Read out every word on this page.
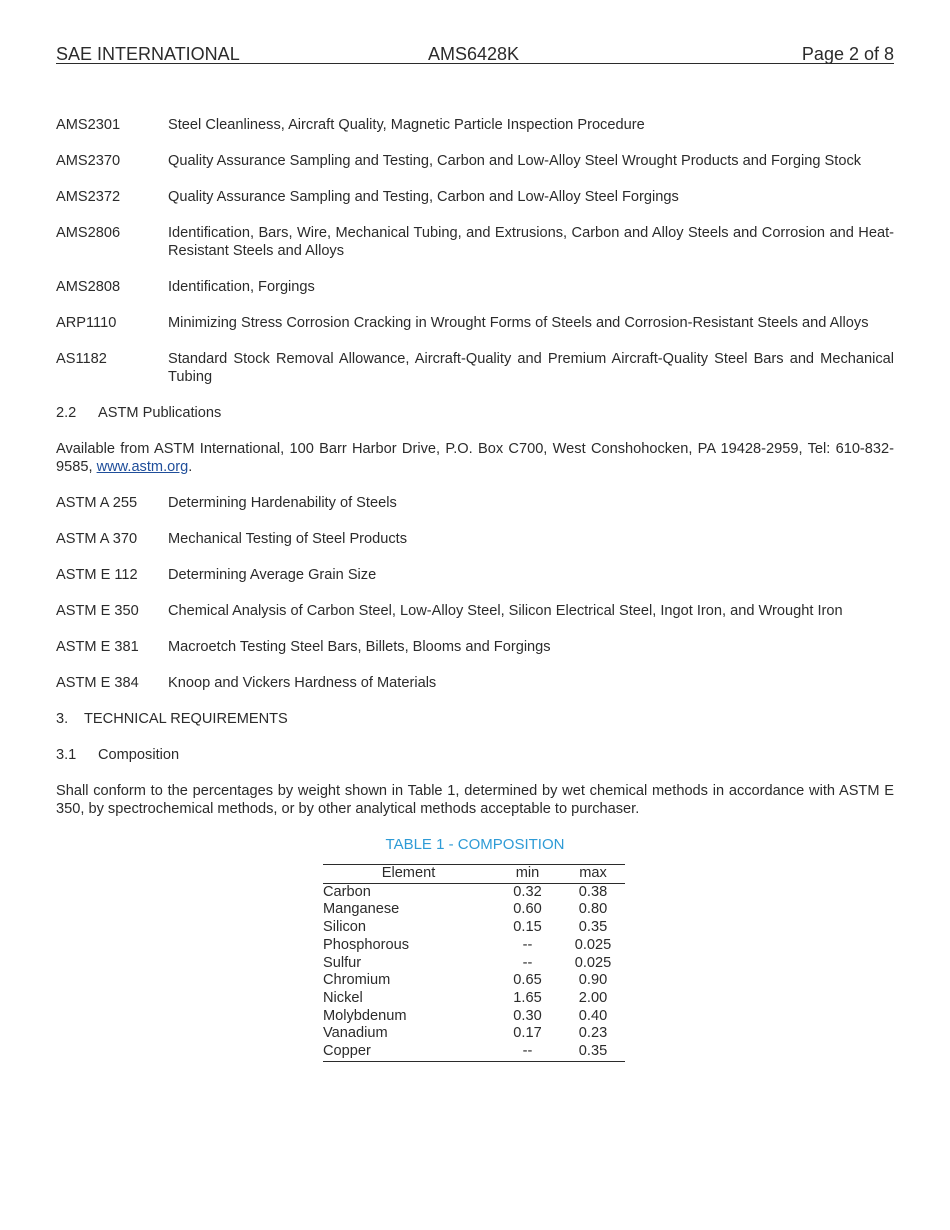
SAE INTERNATIONAL	AMS6428K	Page 2 of 8
AMS2301	Steel Cleanliness, Aircraft Quality, Magnetic Particle Inspection Procedure
AMS2370	Quality Assurance Sampling and Testing, Carbon and Low-Alloy Steel Wrought Products and Forging Stock
AMS2372	Quality Assurance Sampling and Testing, Carbon and Low-Alloy Steel Forgings
AMS2806	Identification, Bars, Wire, Mechanical Tubing, and Extrusions, Carbon and Alloy Steels and Corrosion and Heat-Resistant Steels and Alloys
AMS2808	Identification, Forgings
ARP1110	Minimizing Stress Corrosion Cracking in Wrought Forms of Steels and Corrosion-Resistant Steels and Alloys
AS1182	Standard Stock Removal Allowance, Aircraft-Quality and Premium Aircraft-Quality Steel Bars and Mechanical Tubing
2.2 ASTM Publications
Available from ASTM International, 100 Barr Harbor Drive, P.O. Box C700, West Conshohocken, PA 19428-2959, Tel: 610-832-9585, www.astm.org.
ASTM A 255	Determining Hardenability of Steels
ASTM A 370	Mechanical Testing of Steel Products
ASTM E 112	Determining Average Grain Size
ASTM E 350	Chemical Analysis of Carbon Steel, Low-Alloy Steel, Silicon Electrical Steel, Ingot Iron, and Wrought Iron
ASTM E 381	Macroetch Testing Steel Bars, Billets, Blooms and Forgings
ASTM E 384	Knoop and Vickers Hardness of Materials
3. TECHNICAL REQUIREMENTS
3.1 Composition
Shall conform to the percentages by weight shown in Table 1, determined by wet chemical methods in accordance with ASTM E 350, by spectrochemical methods, or by other analytical methods acceptable to purchaser.
TABLE 1 - COMPOSITION
Element	min	max
Carbon	0.32	0.38
Manganese	0.60	0.80
Silicon	0.15	0.35
Phosphorous	--	0.025
Sulfur	--	0.025
Chromium	0.65	0.90
Nickel	1.65	2.00
Molybdenum	0.30	0.40
Vanadium	0.17	0.23
Copper	--	0.35
